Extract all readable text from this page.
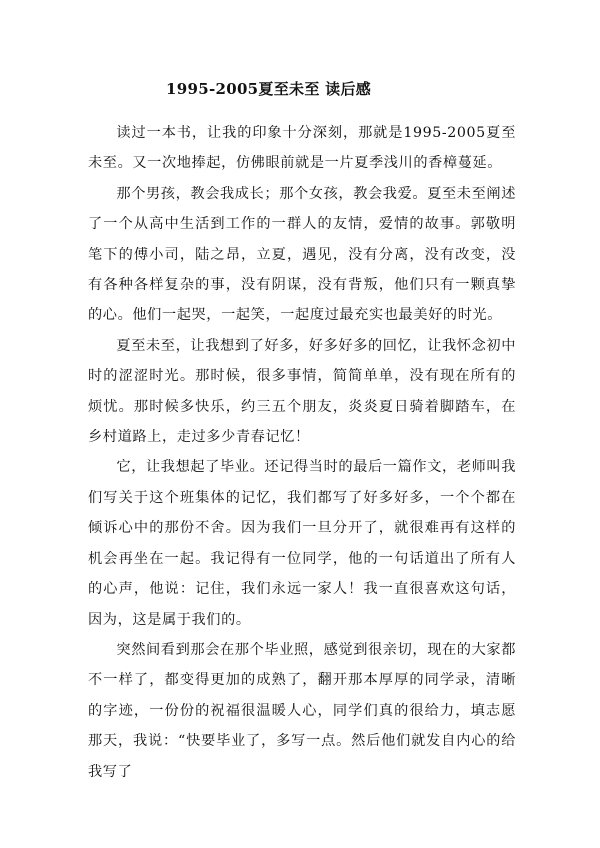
1995-2005夏至未至 读后感

读过一本书，让我的印象十分深刻，那就是1995-2005夏至未至。又一次地捧起，仿佛眼前就是一片夏季浅川的香樟蔓延。

那个男孩，教会我成长；那个女孩，教会我爱。夏至未至阐述了一个从高中生活到工作的一群人的友情，爱情的故事。郭敬明笔下的傅小司，陆之昂，立夏，遇见，没有分离，没有改变，没有各种各样复杂的事，没有阴谋，没有背叛，他们只有一颗真挚的心。他们一起哭，一起笑，一起度过最充实也最美好的时光。

夏至未至，让我想到了好多，好多好多的回忆，让我怀念初中时的涩涩时光。那时候，很多事情，简简单单，没有现在所有的烦忧。那时候多快乐，约三五个朋友，炎炎夏日骑着脚踏车，在乡村道路上，走过多少青春记忆！

它，让我想起了毕业。还记得当时的最后一篇作文，老师叫我们写关于这个班集体的记忆，我们都写了好多好多，一个个都在倾诉心中的那份不舍。因为我们一旦分开了，就很难再有这样的机会再坐在一起。我记得有一位同学，他的一句话道出了所有人的心声，他说：记住，我们永远一家人！我一直很喜欢这句话，因为，这是属于我们的。

突然间看到那会在那个毕业照，感觉到很亲切，现在的大家都不一样了，都变得更加的成熟了，翻开那本厚厚的同学录，清晰的字迹，一份份的祝福很温暖人心，同学们真的很给力，填志愿那天，我说：“快要毕业了，多写一点。然后他们就发自内心的给我写了
